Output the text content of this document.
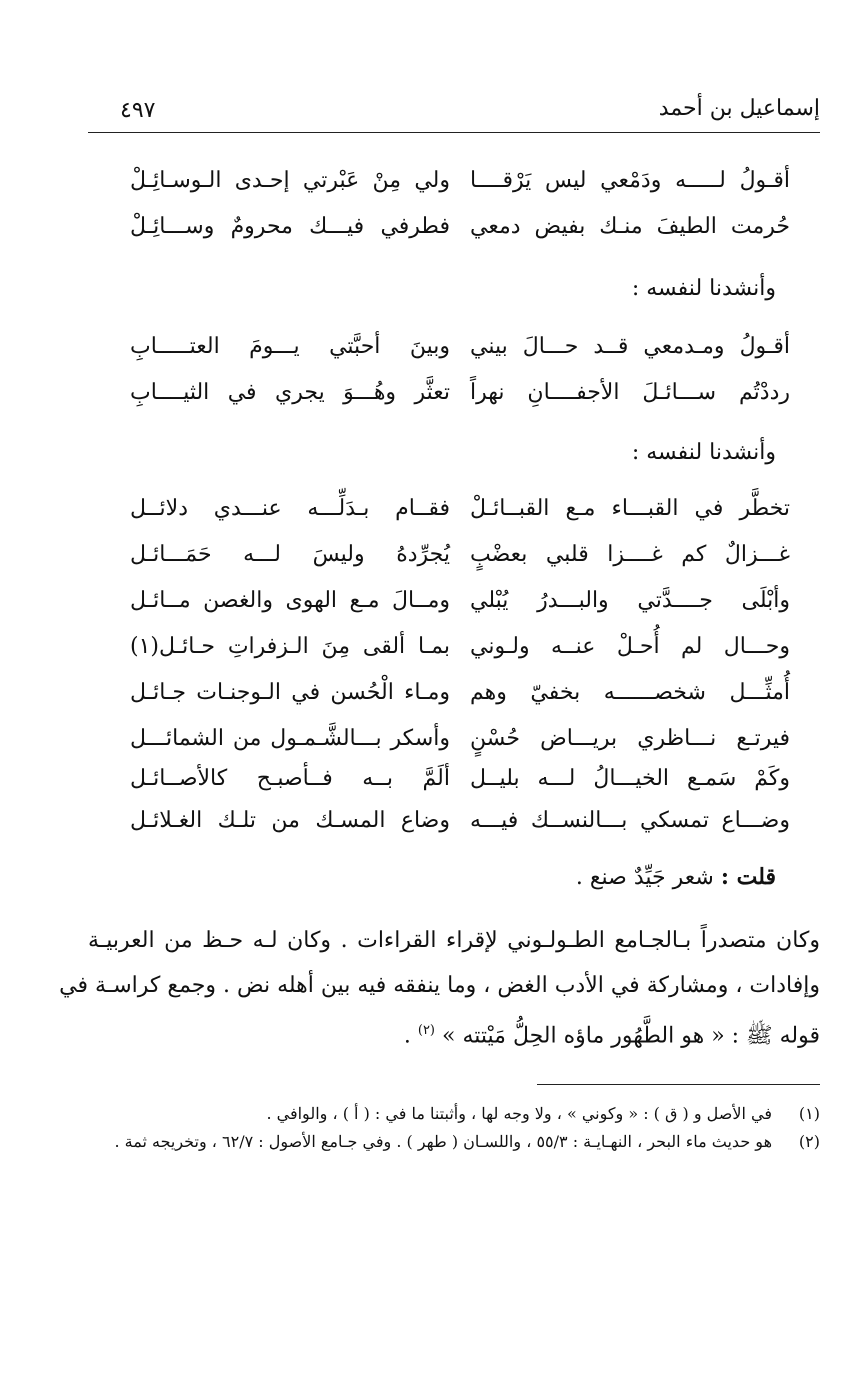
إسماعيل بن أحمد
٤٩٧
أقـولُ لـــــه ودَمْعي ليس يَرْقــــا
ولي مِنْ عَبْرتي إحـدى الـوسـائِـلْ
حُرمت الطيفَ منـك بفيض دمعي
فطرفي فيـــك محرومٌ وســـائِـلْ
وأنشدنا لنفسه :
أقـولُ ومـدمعي قــد حـــالَ بيني
وبينَ أحبَّتي يـــومَ العتـــــابِ
رددْتُم ســـائـلَ الأجفــــانِ نهراً
تعثَّر وهُـــوَ يجري في الثيــــابِ
وأنشدنا لنفسه :
تخطَّر في القبـــاء مـع القبــائـلْ
فقــام بـدَلِّـــه عنـــدي دلائــل
غـــزالٌ كم غــــزا قلبي بعضْبٍ
يُجرِّدهُ وليسَ لـــه حَمَـــائـل
وأبْلَى جــــدَّتي والبـــدرُ يُبْلي
ومــالَ مـع الهوى والغصن مــائـل
وحـــال لم أُحـلْ عنــه ولـوني
بمـا ألقى مِنَ الـزفراتِ حـائـل(١)
أُمثِّـــل شخصــــــه بخفيّ وهم
ومـاء الْحُسن في الـوجنـات جـائـل
فيرتـع نـــاظري بريـــاض حُسْنٍ
وأسكر بـــالشَّـمـول من الشمائـــل
وكَمْ سَمـع الخيـــالُ لـــه بليــل
ألَمَّ بــه فــأصبـح كالأصــائـل
وضـــاع تمسكي بـــالنســك فيـــه
وضاع المسـك من تلـك الغـلائـل
قلت : شعر جَيِّدٌ صنع .
وكان متصدراً بـالجـامع الطـولـوني لإقراء القراءات . وكان لـه حـظ من العربيـة
وإفادات ، ومشاركة في الأدب الغض ، وما ينفقه فيه بين أهله نض . وجمع كراسـة في
قوله ﷺ : « هو الطَّهُور ماؤه الحِلُّ مَيْتته » $^{(٢)}$ .
(١)
في الأصل و ( ق ) : « وكوني » ، ولا وجه لها ، وأثبتنا ما في : ( أ ) ، والوافي .
(٢)
هو حديث ماء البحر ، النهـايـة : ٥٥/٣ ، واللسـان ( طهر ) . وفي جـامع الأصول : ٦٢/٧ ، وتخريجه ثمة .
